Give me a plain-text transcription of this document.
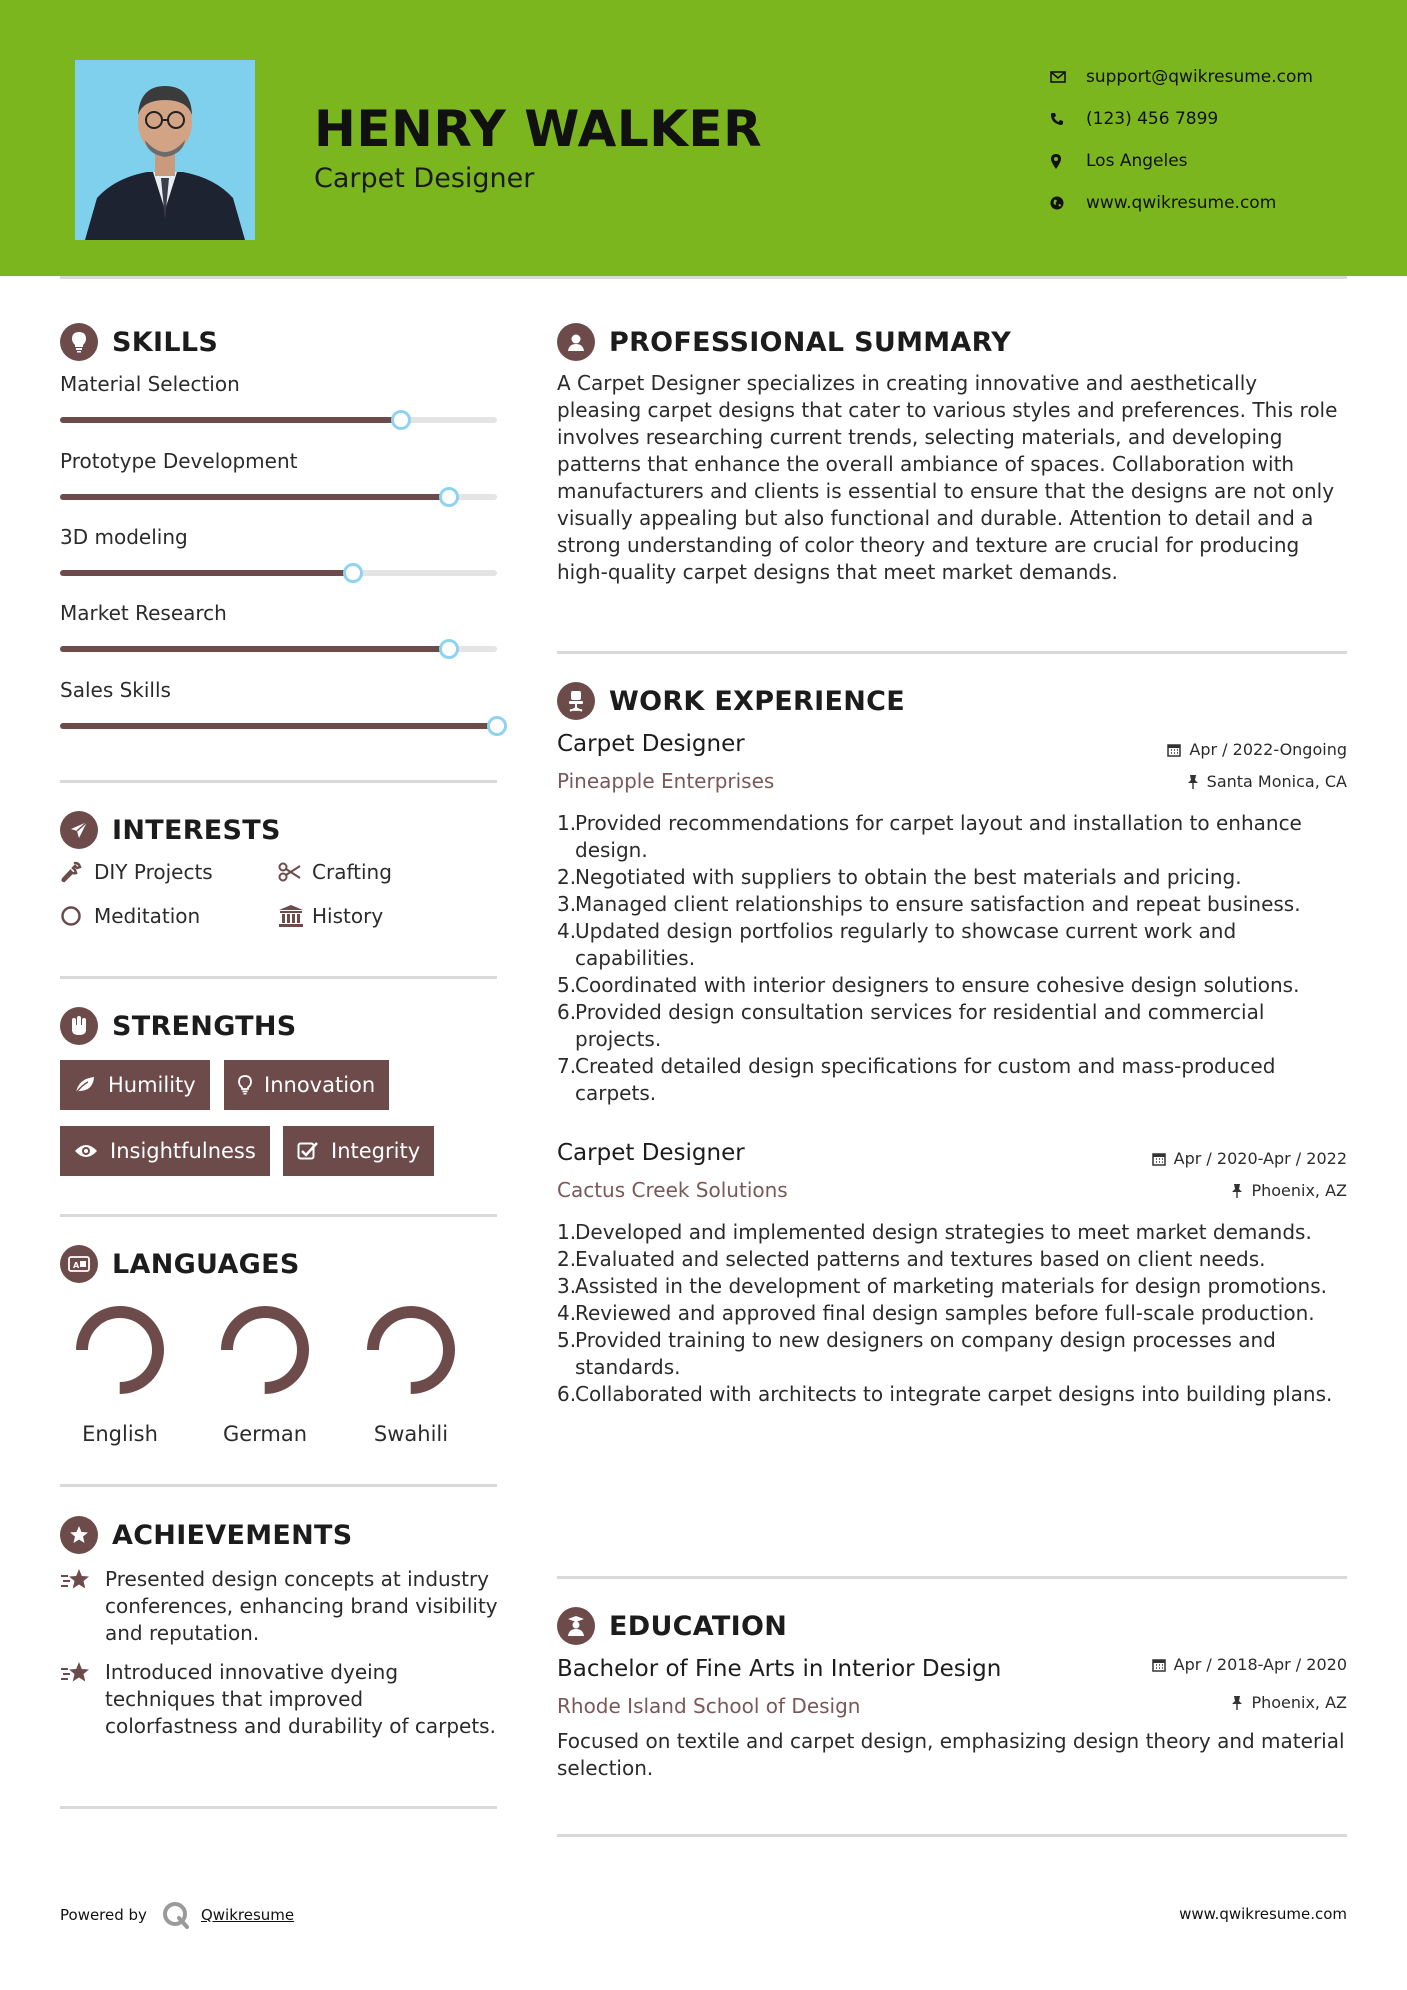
HENRY WALKER
Carpet Designer
support@qwikresume.com
(123) 456 7899
Los Angeles
www.qwikresume.com
SKILLS
Material Selection
Prototype Development
3D modeling
Market Research
Sales Skills
INTERESTS
DIY Projects	Crafting
Meditation	History
STRENGTHS
Humility	Innovation
Insightfulness	Integrity
A LANGUAGES
English	German	Swahili
ACHIEVEMENTS
Presented design concepts at industry conferences, enhancing brand visibility and reputation.
Introduced innovative dyeing techniques that improved colorfastness and durability of carpets.
PROFESSIONAL SUMMARY
A Carpet Designer specializes in creating innovative and aesthetically pleasing carpet designs that cater to various styles and preferences. This role involves researching current trends, selecting materials, and developing patterns that enhance the overall ambiance of spaces. Collaboration with manufacturers and clients is essential to ensure that the designs are not only visually appealing but also functional and durable. Attention to detail and a strong understanding of color theory and texture are crucial for producing high-quality carpet designs that meet market demands.
WORK EXPERIENCE
Carpet Designer	Apr / 2022-Ongoing
Pineapple Enterprises	Santa Monica, CA
1.
Provided recommendations for carpet layout and installation to enhance design.
2.
Negotiated with suppliers to obtain the best materials and pricing.
3.
Managed client relationships to ensure satisfaction and repeat business.
4.
Updated design portfolios regularly to showcase current work and capabilities.
5.
Coordinated with interior designers to ensure cohesive design solutions.
6.
Provided design consultation services for residential and commercial projects.
7.
Created detailed design specifications for custom and mass-produced carpets.
Carpet Designer	Apr / 2020-Apr / 2022
Cactus Creek Solutions	Phoenix, AZ
1.
Developed and implemented design strategies to meet market demands.
2.
Evaluated and selected patterns and textures based on client needs.
3.
Assisted in the development of marketing materials for design promotions.
4.
Reviewed and approved final design samples before full-scale production.
5.
Provided training to new designers on company design processes and standards.
6.
Collaborated with architects to integrate carpet designs into building plans.
EDUCATION
Bachelor of Fine Arts in Interior Design	Apr / 2018-Apr / 2020
Rhode Island School of Design	Phoenix, AZ
Focused on textile and carpet design, emphasizing design theory and material selection.
Powered by	Qwikresume	www.qwikresume.com
